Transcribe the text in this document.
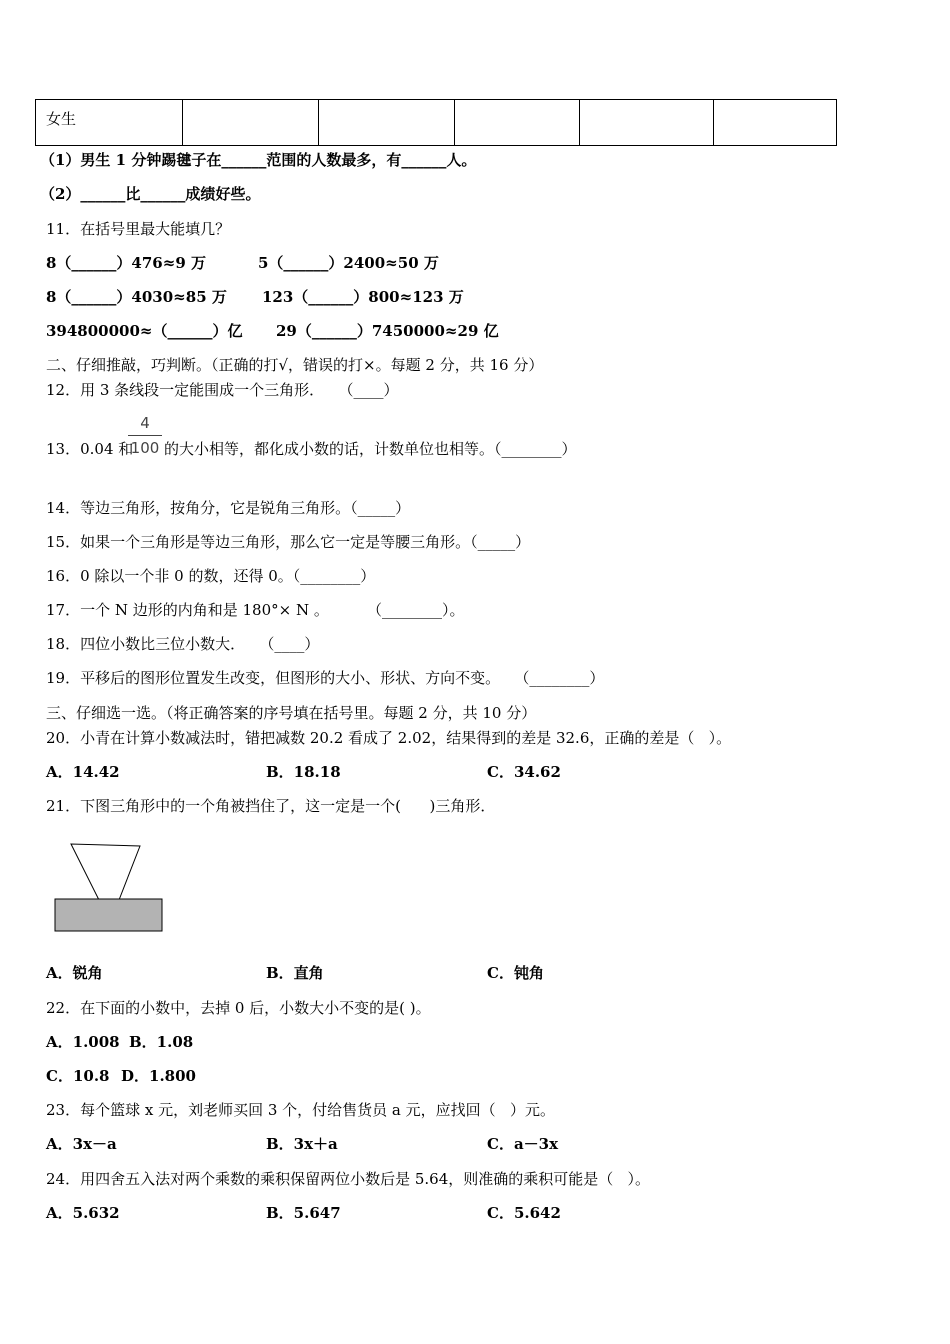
女生

（1）男生 1 分钟踢毽子在______范围的人数最多，有______人。
（2）______比______成绩好些。
11．在括号里最大能填几？
8（______）476≈9 万	5（______）2400≈50 万
8（______）4030≈85 万 123（______）800≈123 万
394800000≈（______）亿 29（______）7450000≈29 亿
二、仔细推敲，巧判断。（正确的打√，错误的打×。每题 2 分，共 16 分）
12．用 3 条线段一定能围成一个三角形．   （____）
13．0.04 和
4
100 的大小相等，都化成小数的话，计数单位也相等。（________）
14．等边三角形，按角分，它是锐角三角形。（_____）
15．如果一个三角形是等边三角形，那么它一定是等腰三角形。（_____）
16．0 除以一个非 0 的数，还得 0。（________）
17．一个 N 边形的内角和是 180°× N 。        （________）。
18．四位小数比三位小数大．   （____）
19．平移后的图形位置发生改变，但图形的大小、形状、方向不变。   （________）
三、仔细选一选。（将正确答案的序号填在括号里。每题 2 分，共 10 分）
20．小青在计算小数减法时，错把减数 20.2 看成了 2.02，结果得到的差是 32.6，正确的差是（   ）。
A．14.42	B．18.18	C．34.62
21．下图三角形中的一个角被挡住了，这一定是一个(      )三角形．
A．锐角	B．直角	C．钝角
22．在下面的小数中，去掉 0 后，小数大小不变的是( )。
A．1.008 B．1.08
C．10.8 D．1.800
23．每个篮球 x 元，刘老师买回 3 个，付给售货员 a 元，应找回（   ）元。
A．3x－a	B．3x＋a	C．a－3x
24．用四舍五入法对两个乘数的乘积保留两位小数后是 5.64，则准确的乘积可能是（   ）。
A．5.632	B．5.647	C．5.642
